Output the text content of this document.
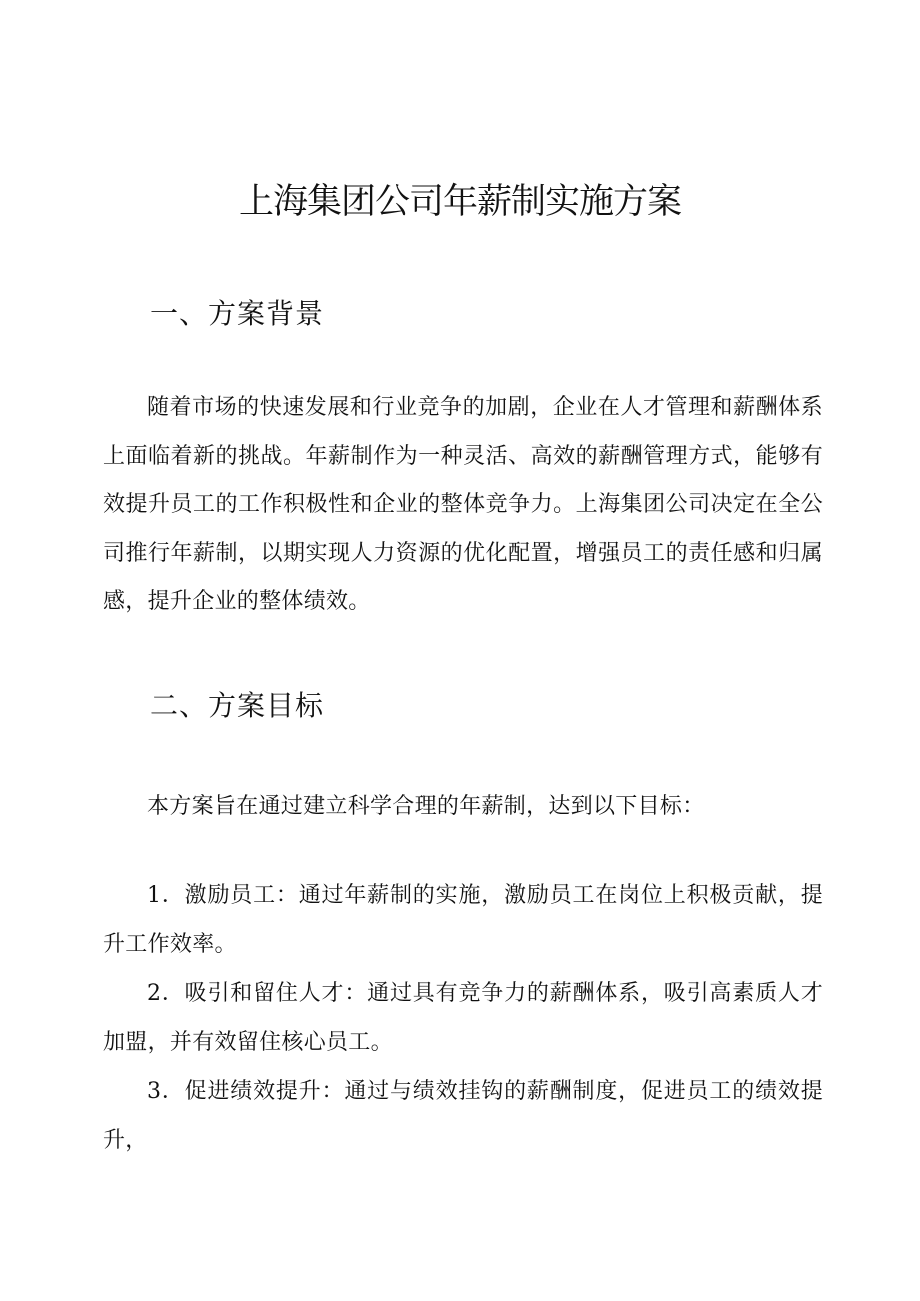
上海集团公司年薪制实施方案
一、方案背景

随着市场的快速发展和行业竞争的加剧，企业在人才管理和薪酬体系上面临着新的挑战。年薪制作为一种灵活、高效的薪酬管理方式，能够有效提升员工的工作积极性和企业的整体竞争力。上海集团公司决定在全公司推行年薪制，以期实现人力资源的优化配置，增强员工的责任感和归属感，提升企业的整体绩效。

二、方案目标

本方案旨在通过建立科学合理的年薪制，达到以下目标：

1．激励员工：通过年薪制的实施，激励员工在岗位上积极贡献，提升工作效率。

2．吸引和留住人才：通过具有竞争力的薪酬体系，吸引高素质人才加盟，并有效留住核心员工。

3．促进绩效提升：通过与绩效挂钩的薪酬制度，促进员工的绩效提升，
